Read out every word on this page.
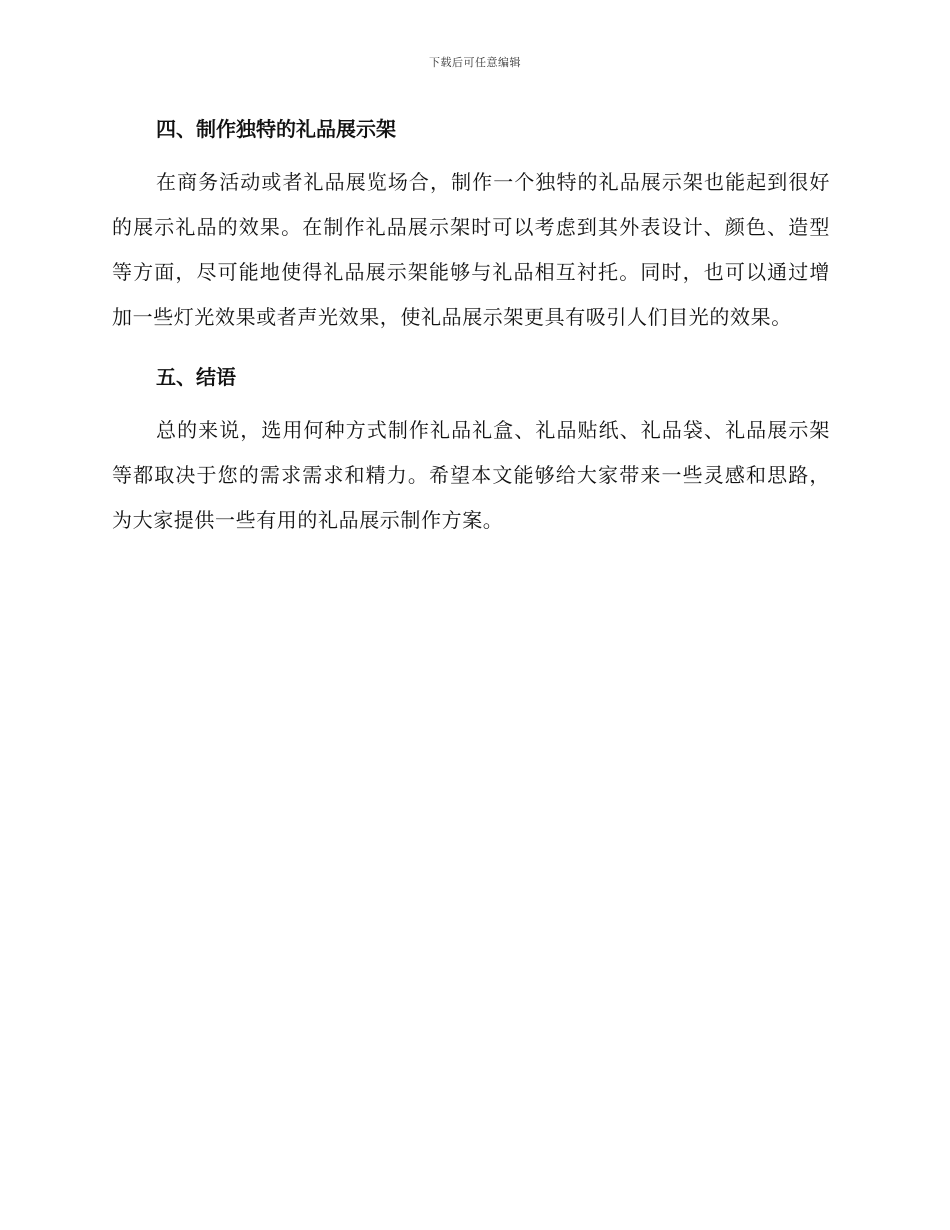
下载后可任意编辑
四、制作独特的礼品展示架

在商务活动或者礼品展览场合，制作一个独特的礼品展示架也能起到很好的展示礼品的效果。在制作礼品展示架时可以考虑到其外表设计、颜色、造型等方面，尽可能地使得礼品展示架能够与礼品相互衬托。同时，也可以通过增加一些灯光效果或者声光效果，使礼品展示架更具有吸引人们目光的效果。

五、结语

总的来说，选用何种方式制作礼品礼盒、礼品贴纸、礼品袋、礼品展示架等都取决于您的需求需求和精力。希望本文能够给大家带来一些灵感和思路，为大家提供一些有用的礼品展示制作方案。
